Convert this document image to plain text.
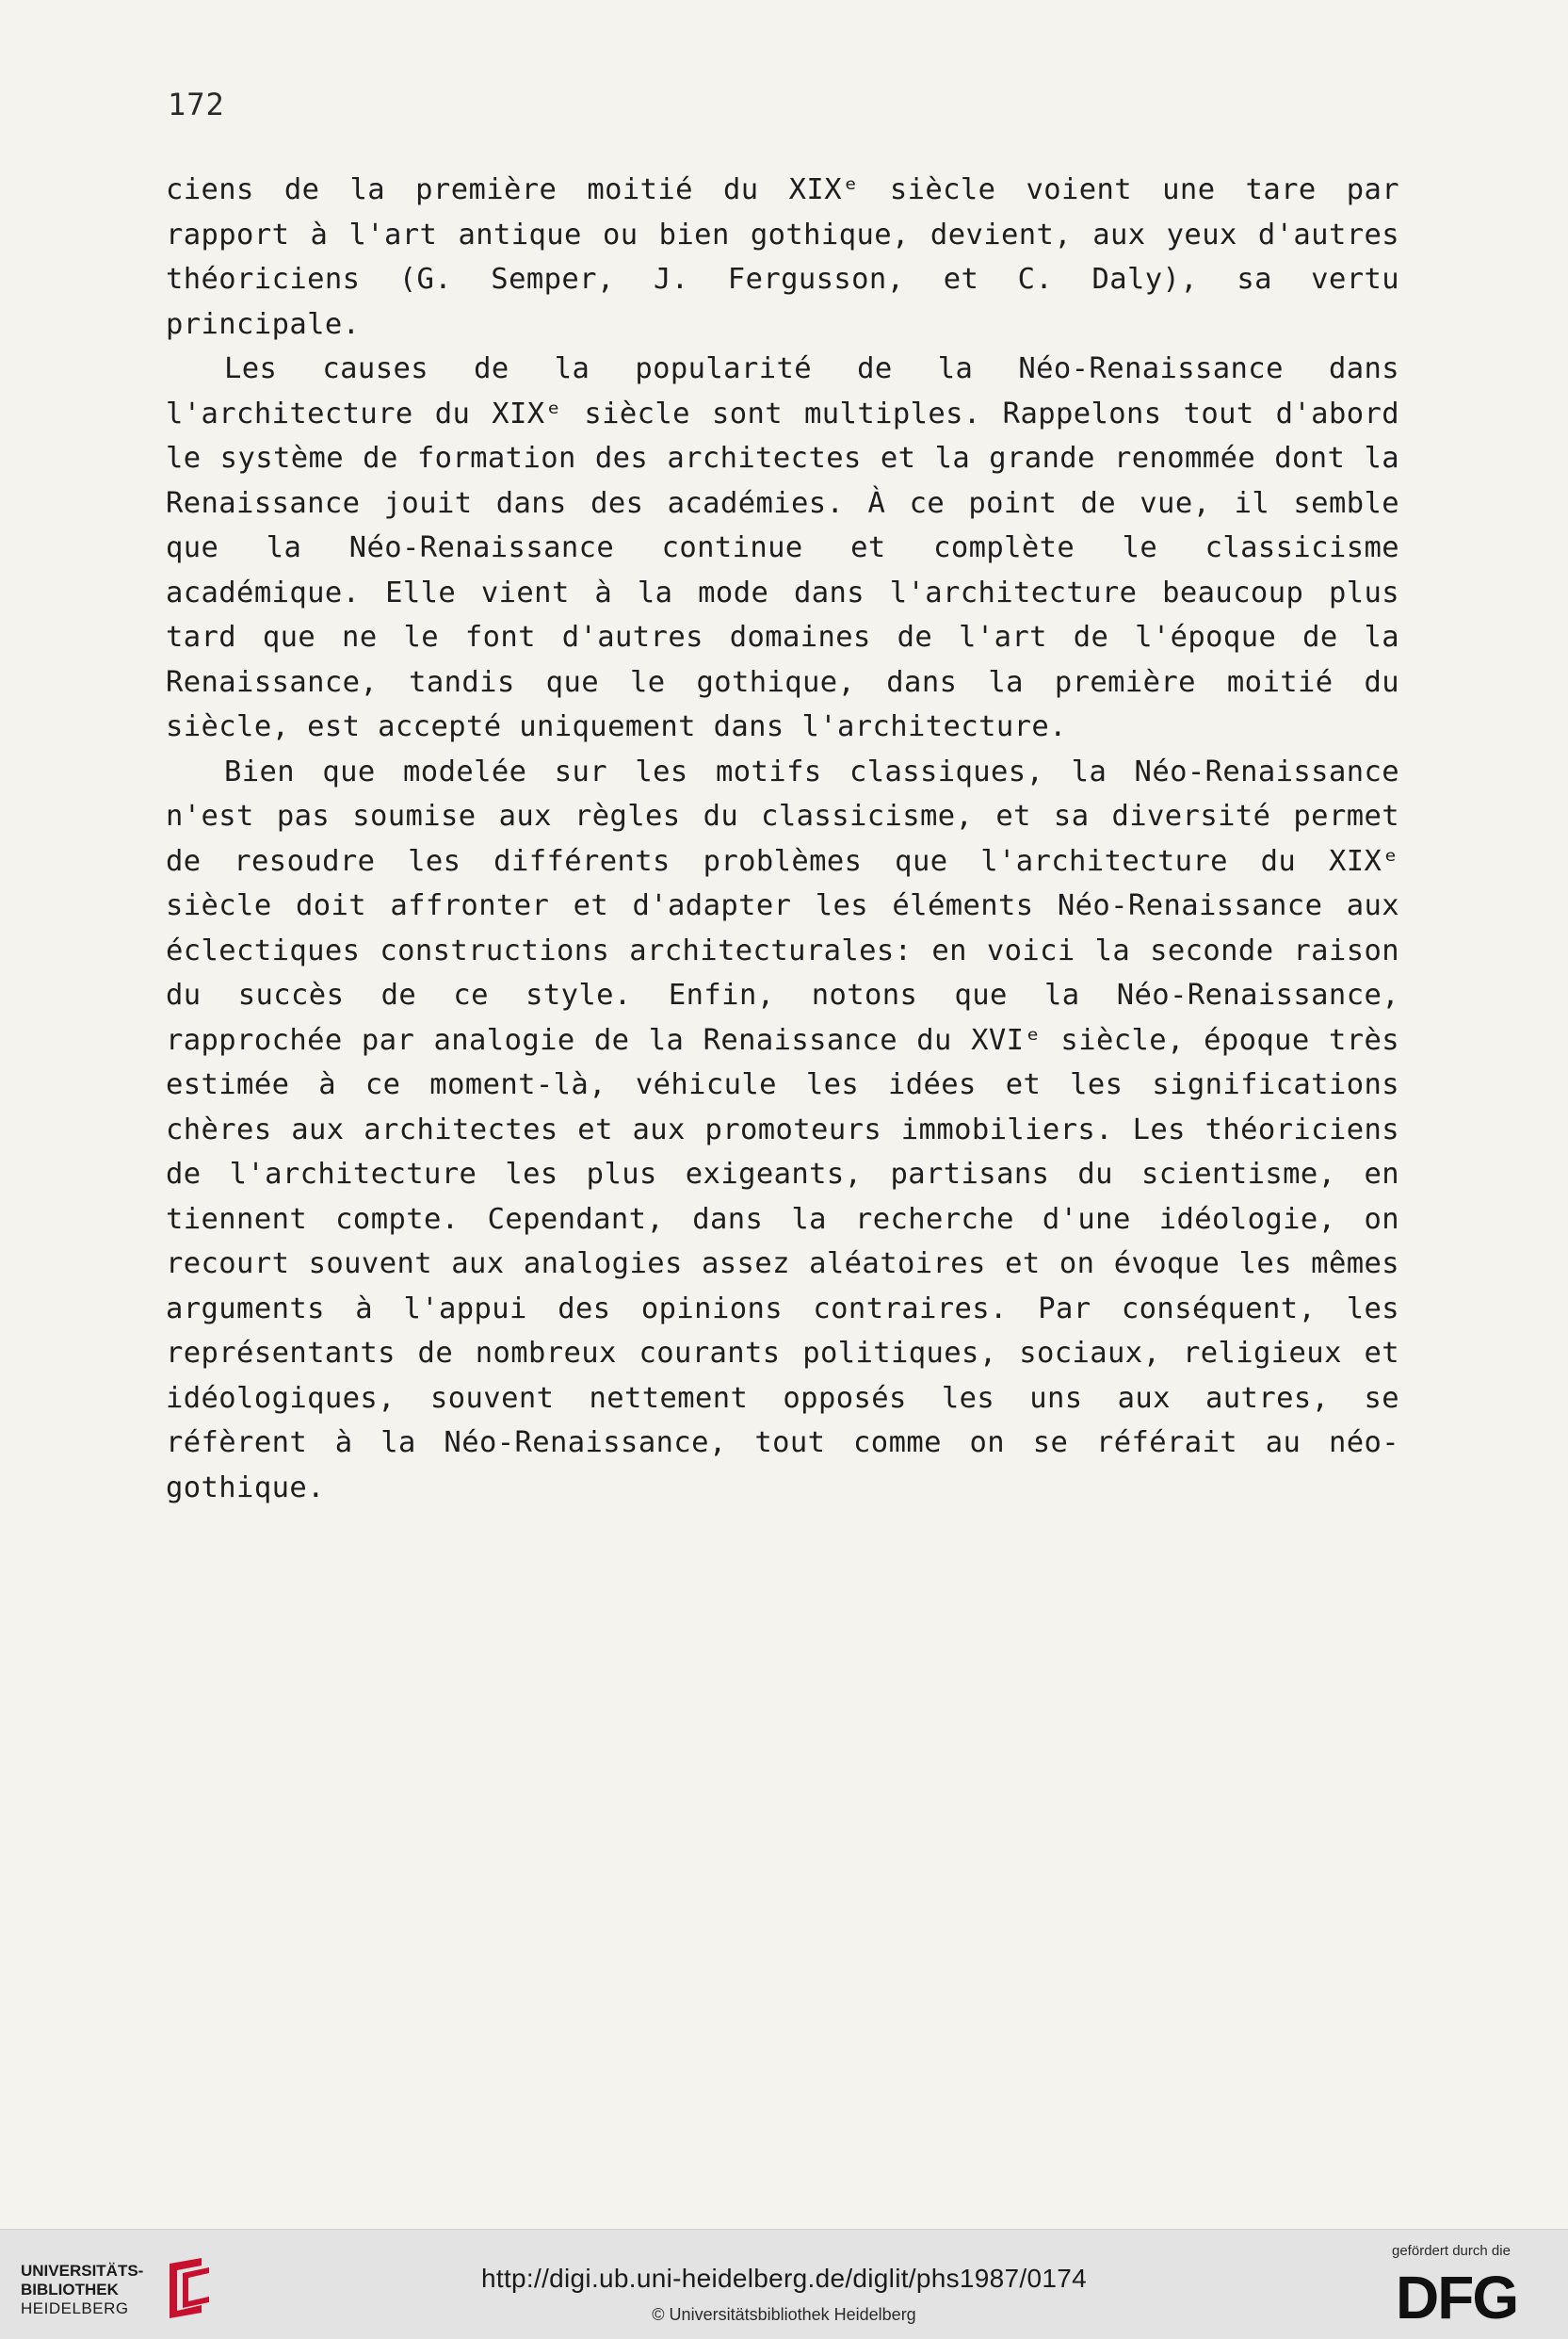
172

ciens de la première moitié du XIXᵉ siècle voient une tare par rapport à l'art antique ou bien gothique, devient, aux yeux d'autres théoriciens (G. Semper, J. Fergusson, et C. Daly), sa vertu principale.

Les causes de la popularité de la Néo-Renaissance dans l'architecture du XIXᵉ siècle sont multiples. Rappelons tout d'abord le système de formation des architectes et la grande renommée dont la Renaissance jouit dans des académies. À ce point de vue, il semble que la Néo-Renaissance continue et complète le classicisme académique. Elle vient à la mode dans l'architecture beaucoup plus tard que ne le font d'autres domaines de l'art de l'époque de la Renaissance, tandis que le gothique, dans la première moitié du siècle, est accepté uniquement dans l'architecture.

Bien que modelée sur les motifs classiques, la Néo-Renaissance n'est pas soumise aux règles du classicisme, et sa diversité permet de resoudre les différents problèmes que l'architecture du XIXᵉ siècle doit affronter et d'adapter les éléments Néo-Renaissance aux éclectiques constructions architecturales: en voici la seconde raison du succès de ce style. Enfin, notons que la Néo-Renaissance, rapprochée par analogie de la Renaissance du XVIᵉ siècle, époque très estimée à ce moment-là, véhicule les idées et les significations chères aux architectes et aux promoteurs immobiliers. Les théoriciens de l'architecture les plus exigeants, partisans du scientisme, en tiennent compte. Cependant, dans la recherche d'une idéologie, on recourt souvent aux analogies assez aléatoires et on évoque les mêmes arguments à l'appui des opinions contraires. Par conséquent, les représentants de nombreux courants politiques, sociaux, religieux et idéologiques, souvent nettement opposés les uns aux autres, se réfèrent à la Néo-Renaissance, tout comme on se référait au néo-gothique.

UNIVERSITÄTS-
BIBLIOTHEK
HEIDELBERG
http://digi.ub.uni-heidelberg.de/diglit/phs1987/0174
© Universitätsbibliothek Heidelberg
gefördert durch die
DFG
